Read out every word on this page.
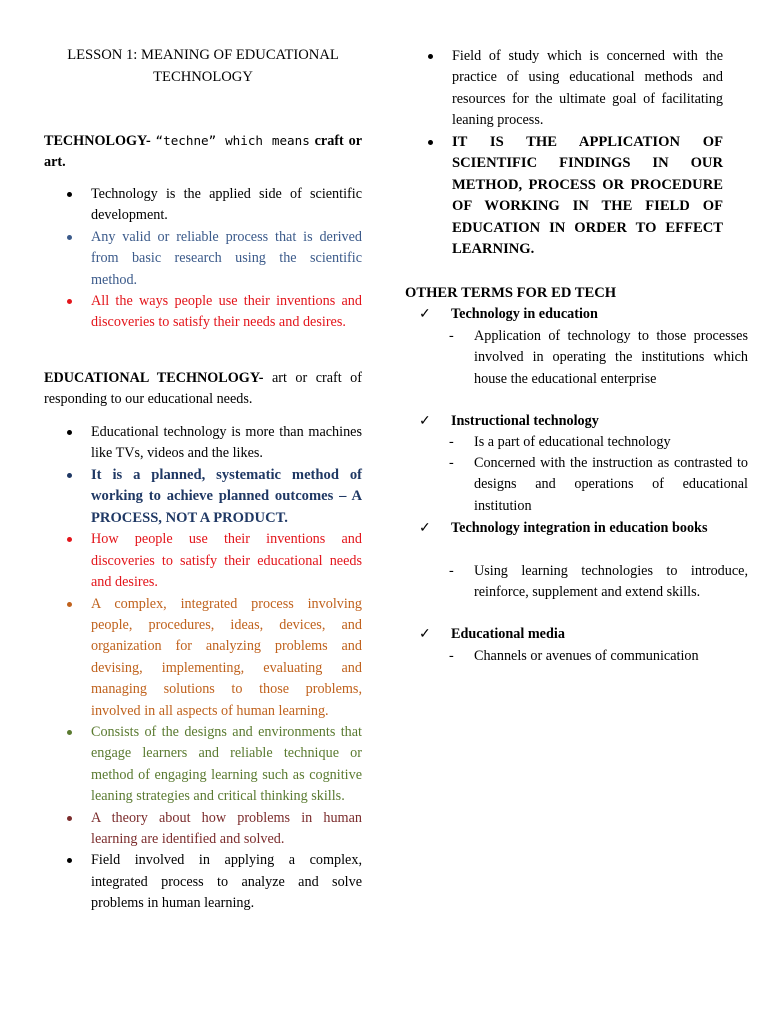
LESSON 1: MEANING OF EDUCATIONAL
TECHNOLOGY
TECHNOLOGY- “techne” which means craft or art.
Technology is the applied side of scientific development.
Any valid or reliable process that is derived from basic research using the scientific method.
All the ways people use their inventions and discoveries to satisfy their needs and desires.
EDUCATIONAL TECHNOLOGY- art or craft of responding to our educational needs.
Educational technology is more than machines like TVs, videos and the likes.
It is a planned, systematic method of working to achieve planned outcomes – A PROCESS, NOT A PRODUCT.
How people use their inventions and discoveries to satisfy their educational needs and desires.
A complex, integrated process involving people, procedures, ideas, devices, and organization for analyzing problems and devising, implementing, evaluating and managing solutions to those problems, involved in all aspects of human learning.
Consists of the designs and environments that engage learners and reliable technique or method of engaging learning such as cognitive leaning strategies and critical thinking skills.
A theory about how problems in human learning are identified and solved.
Field involved in applying a complex, integrated process to analyze and solve problems in human learning.
Field of study which is concerned with the practice of using educational methods and resources for the ultimate goal of facilitating leaning process.
IT IS THE APPLICATION OF SCIENTIFIC FINDINGS IN OUR METHOD, PROCESS OR PROCEDURE OF WORKING IN THE FIELD OF EDUCATION IN ORDER TO EFFECT LEARNING.
OTHER TERMS FOR ED TECH
✓ Technology in education
- Application of technology to those processes involved in operating the institutions which house the educational enterprise
✓ Instructional technology
- Is a part of educational technology
- Concerned with the instruction as contrasted to designs and operations of educational institution
✓ Technology integration in education books
- Using learning technologies to introduce, reinforce, supplement and extend skills.
✓ Educational media
- Channels or avenues of communication
